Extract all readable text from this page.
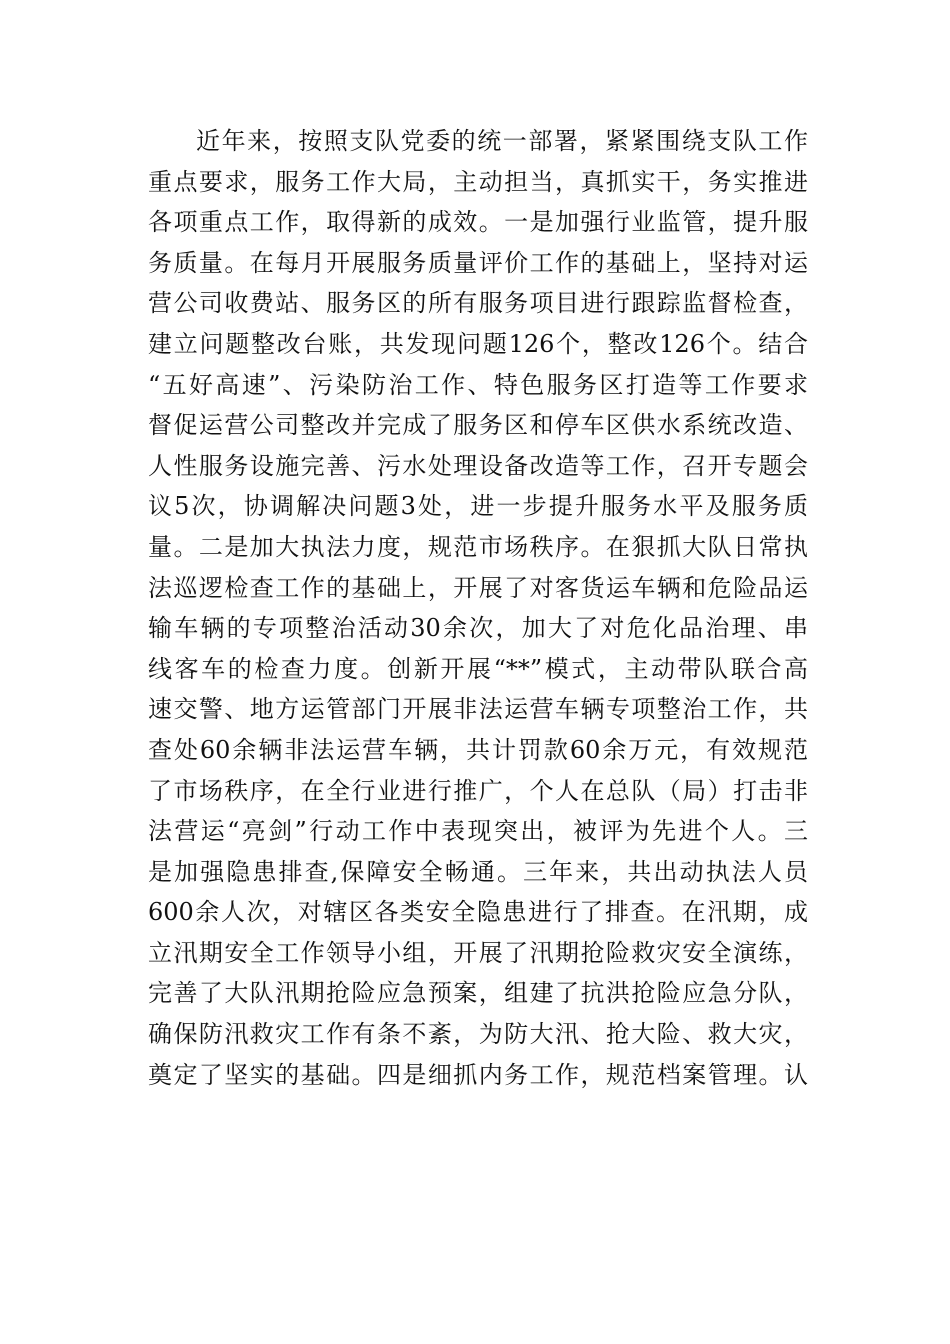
近年来，按照支队党委的统一部署，紧紧围绕支队工作
重点要求，服务工作大局，主动担当，真抓实干，务实推进
各项重点工作，取得新的成效。一是加强行业监管，提升服
务质量。在每月开展服务质量评价工作的基础上，坚持对运
营公司收费站、服务区的所有服务项目进行跟踪监督检查，
建立问题整改台账，共发现问题126个，整改126个。结合
“五好高速”、污染防治工作、特色服务区打造等工作要求
督促运营公司整改并完成了服务区和停车区供水系统改造、
人性服务设施完善、污水处理设备改造等工作，召开专题会
议5次，协调解决问题3处，进一步提升服务水平及服务质
量。二是加大执法力度，规范市场秩序。在狠抓大队日常执
法巡逻检查工作的基础上，开展了对客货运车辆和危险品运
输车辆的专项整治活动30余次，加大了对危化品治理、串
线客车的检查力度。创新开展“**”模式，主动带队联合高
速交警、地方运管部门开展非法运营车辆专项整治工作，共
查处60余辆非法运营车辆，共计罚款60余万元，有效规范
了市场秩序，在全行业进行推广，个人在总队（局）打击非
法营运“亮剑”行动工作中表现突出，被评为先进个人。三
是加强隐患排查,保障安全畅通。三年来，共出动执法人员
600余人次，对辖区各类安全隐患进行了排查。在汛期，成
立汛期安全工作领导小组，开展了汛期抢险救灾安全演练，
完善了大队汛期抢险应急预案，组建了抗洪抢险应急分队，
确保防汛救灾工作有条不紊，为防大汛、抢大险、救大灾，
奠定了坚实的基础。四是细抓内务工作，规范档案管理。认
